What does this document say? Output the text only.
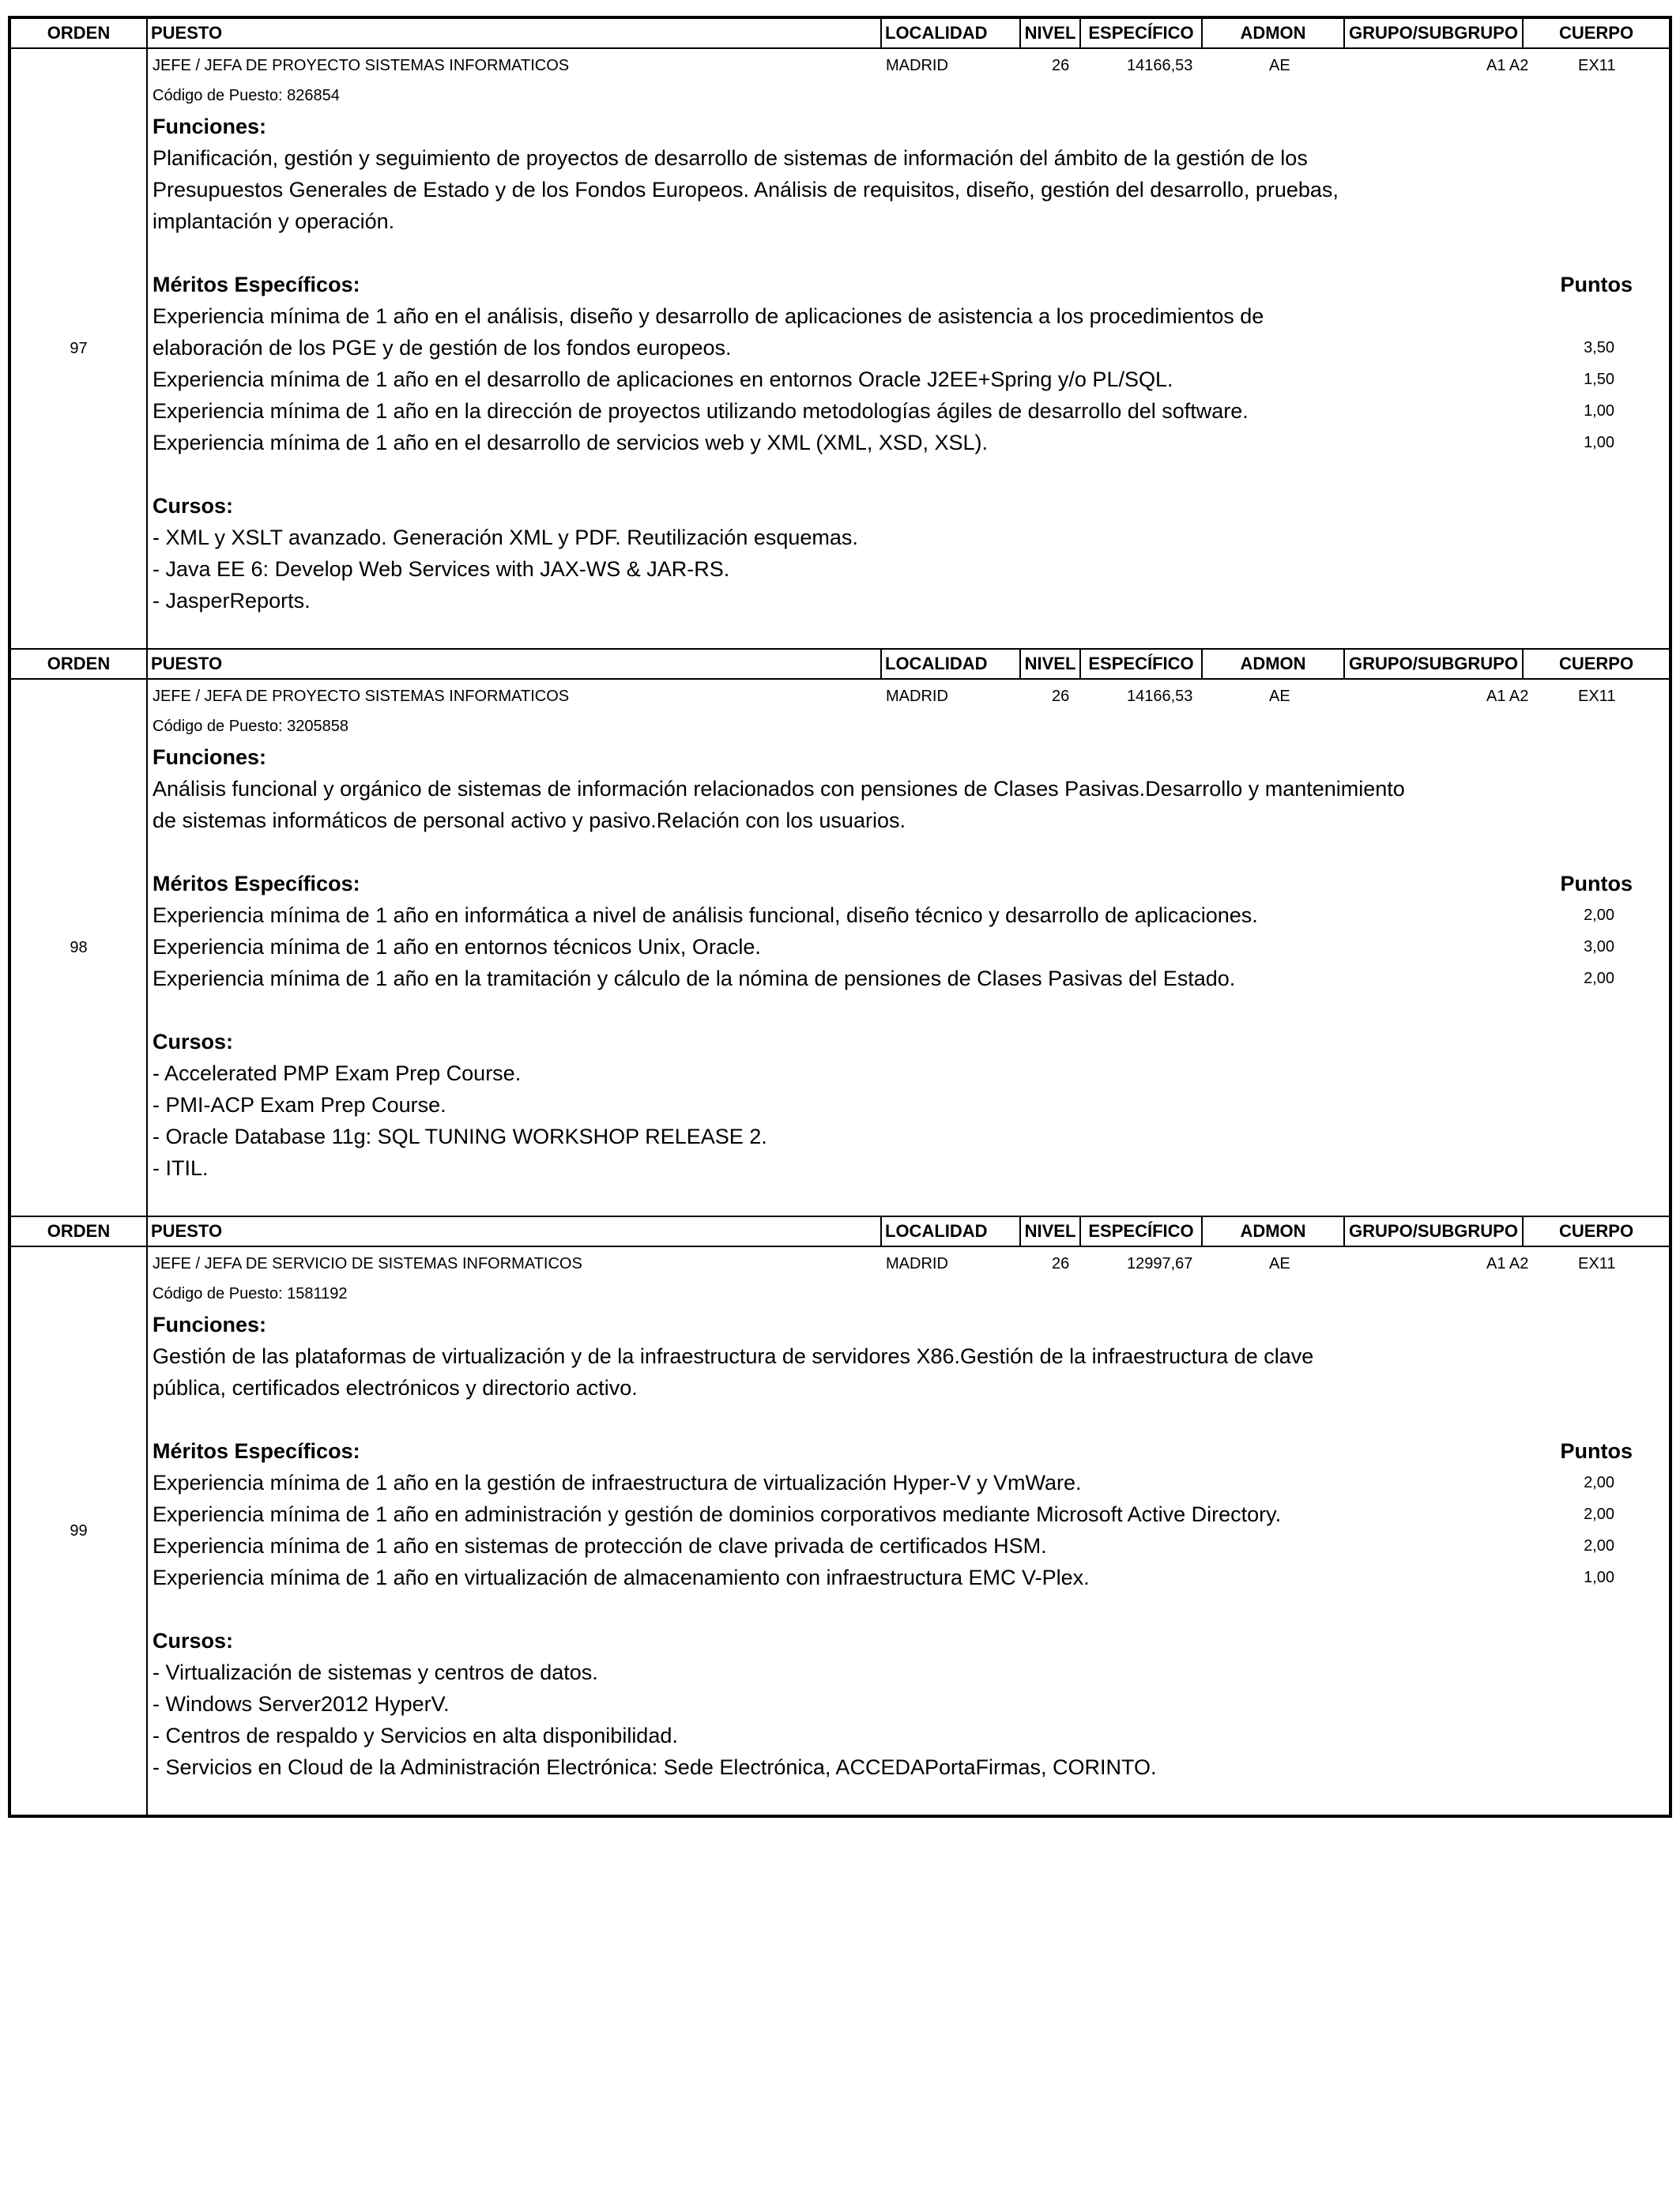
ORDEN	PUESTO	LOCALIDAD	NIVEL ESPECÍFICO	ADMON	GRUPO/SUBGRUPO	CUERPO
97
JEFE / JEFA DE PROYECTO SISTEMAS INFORMATICOS	MADRID	26	14166,53	AE	A1 A2	EX11
Código de Puesto: 826854
Funciones:
Planificación, gestión y seguimiento de proyectos de desarrollo de sistemas de información del ámbito de la gestión de los
Presupuestos Generales de Estado y de los Fondos Europeos. Análisis de requisitos, diseño, gestión del desarrollo, pruebas,
implantación y operación.
Méritos Específicos:	Puntos
Experiencia mínima de 1 año en el análisis, diseño y desarrollo de aplicaciones de asistencia a los procedimientos de
elaboración de los PGE y de gestión de los fondos europeos.	3,50
Experiencia mínima de 1 año en el desarrollo de aplicaciones en entornos Oracle J2EE+Spring y/o PL/SQL.	1,50
Experiencia mínima de 1 año en la dirección de proyectos utilizando metodologías ágiles de desarrollo del software.	1,00
Experiencia mínima de 1 año en el desarrollo de servicios web y XML (XML, XSD, XSL).	1,00
Cursos:
- XML y XSLT avanzado. Generación XML y PDF. Reutilización esquemas.
- Java EE 6: Develop Web Services with JAX-WS & JAR-RS.
- JasperReports.
ORDEN	PUESTO	LOCALIDAD	NIVEL ESPECÍFICO	ADMON	GRUPO/SUBGRUPO	CUERPO
98
JEFE / JEFA DE PROYECTO SISTEMAS INFORMATICOS	MADRID	26	14166,53	AE	A1 A2	EX11
Código de Puesto: 3205858
Funciones:
Análisis funcional y orgánico de sistemas de información relacionados con pensiones de Clases Pasivas.Desarrollo y mantenimiento
de sistemas informáticos de personal activo y pasivo.Relación con los usuarios.
Méritos Específicos:	Puntos
Experiencia mínima de 1 año en informática a nivel de análisis funcional, diseño técnico y desarrollo de aplicaciones.	2,00
Experiencia mínima de 1 año en entornos técnicos Unix, Oracle.	3,00
Experiencia mínima de 1 año en la tramitación y cálculo de la nómina de pensiones de Clases Pasivas del Estado.	2,00
Cursos:
- Accelerated PMP Exam Prep Course.
- PMI-ACP Exam Prep Course.
- Oracle Database 11g: SQL TUNING WORKSHOP RELEASE 2.
- ITIL.
ORDEN	PUESTO	LOCALIDAD	NIVEL ESPECÍFICO	ADMON	GRUPO/SUBGRUPO	CUERPO
99
JEFE / JEFA DE SERVICIO DE SISTEMAS INFORMATICOS	MADRID	26	12997,67	AE	A1 A2	EX11
Código de Puesto: 1581192
Funciones:
Gestión de las plataformas de virtualización y de la infraestructura de servidores X86.Gestión de la infraestructura de clave
pública, certificados electrónicos y directorio activo.
Méritos Específicos:	Puntos
Experiencia mínima de 1 año en la gestión de infraestructura de virtualización Hyper-V y VmWare.	2,00
Experiencia mínima de 1 año en administración y gestión de dominios corporativos mediante Microsoft Active Directory.	2,00
Experiencia mínima de 1 año en sistemas de protección de clave privada de certificados HSM.	2,00
Experiencia mínima de 1 año en virtualización de almacenamiento con infraestructura EMC V-Plex.	1,00
Cursos:
- Virtualización de sistemas y centros de datos.
- Windows Server2012 HyperV.
- Centros de respaldo y Servicios en alta disponibilidad.
- Servicios en Cloud de la Administración Electrónica: Sede Electrónica, ACCEDAPortaFirmas, CORINTO.
